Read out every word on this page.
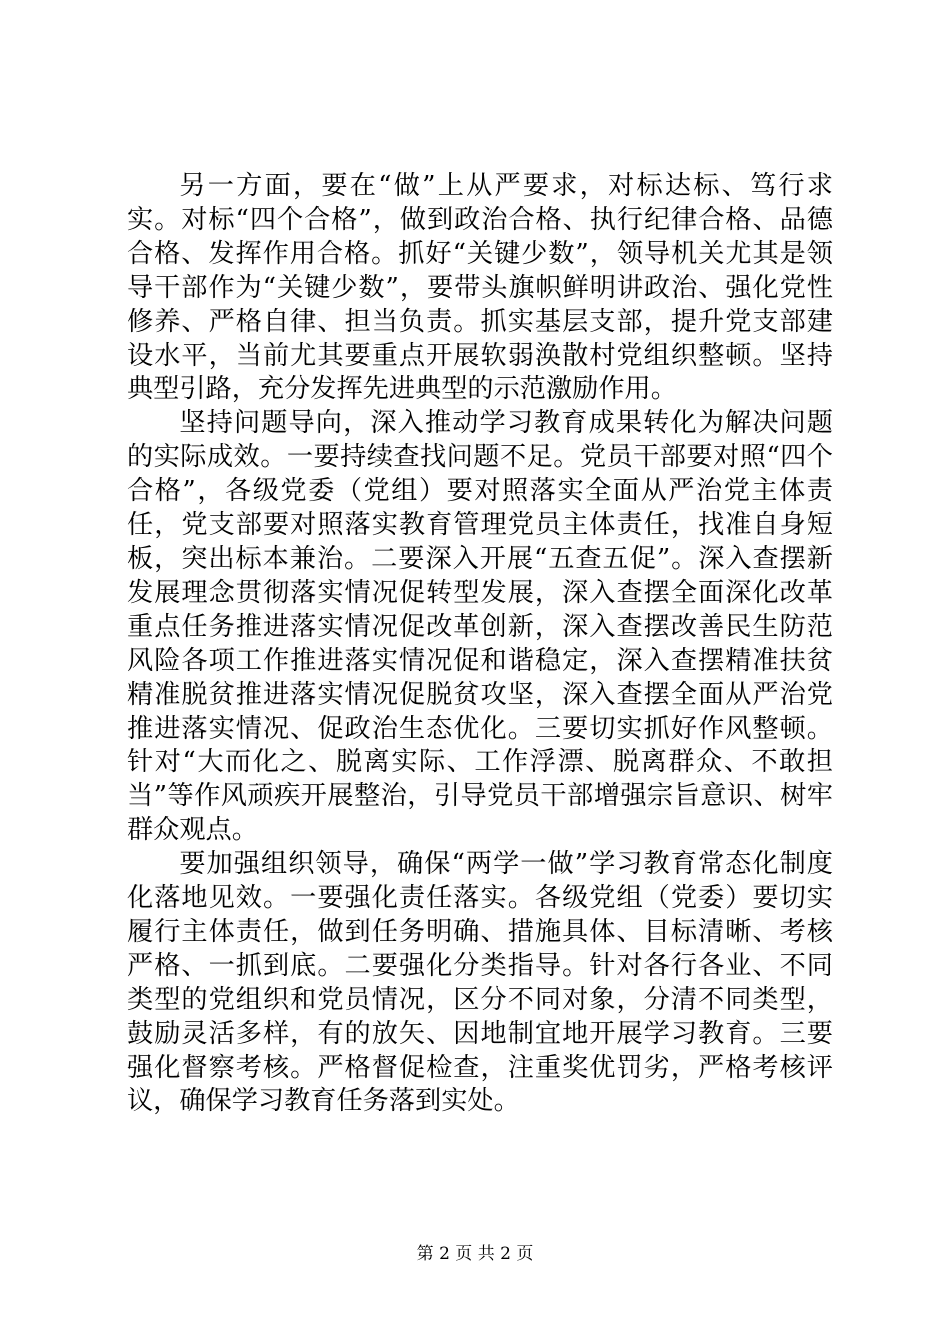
另一方面，要在“做”上从严要求，对标达标、笃行求实。对标“四个合格”，做到政治合格、执行纪律合格、品德合格、发挥作用合格。抓好“关键少数”，领导机关尤其是领导干部作为“关键少数”，要带头旗帜鲜明讲政治、强化党性修养、严格自律、担当负责。抓实基层支部，提升党支部建设水平，当前尤其要重点开展软弱涣散村党组织整顿。坚持典型引路，充分发挥先进典型的示范激励作用。

坚持问题导向，深入推动学习教育成果转化为解决问题的实际成效。一要持续查找问题不足。党员干部要对照“四个合格”，各级党委（党组）要对照落实全面从严治党主体责任，党支部要对照落实教育管理党员主体责任，找准自身短板，突出标本兼治。二要深入开展“五查五促”。深入查摆新发展理念贯彻落实情况促转型发展，深入查摆全面深化改革重点任务推进落实情况促改革创新，深入查摆改善民生防范风险各项工作推进落实情况促和谐稳定，深入查摆精准扶贫精准脱贫推进落实情况促脱贫攻坚，深入查摆全面从严治党推进落实情况、促政治生态优化。三要切实抓好作风整顿。针对“大而化之、脱离实际、工作浮漂、脱离群众、不敢担当”等作风顽疾开展整治，引导党员干部增强宗旨意识、树牢群众观点。

要加强组织领导，确保“两学一做”学习教育常态化制度化落地见效。一要强化责任落实。各级党组（党委）要切实履行主体责任，做到任务明确、措施具体、目标清晰、考核严格、一抓到底。二要强化分类指导。针对各行各业、不同类型的党组织和党员情况，区分不同对象，分清不同类型，鼓励灵活多样，有的放矢、因地制宜地开展学习教育。三要强化督察考核。严格督促检查，注重奖优罚劣，严格考核评议，确保学习教育任务落到实处。

第 2 页 共 2 页
